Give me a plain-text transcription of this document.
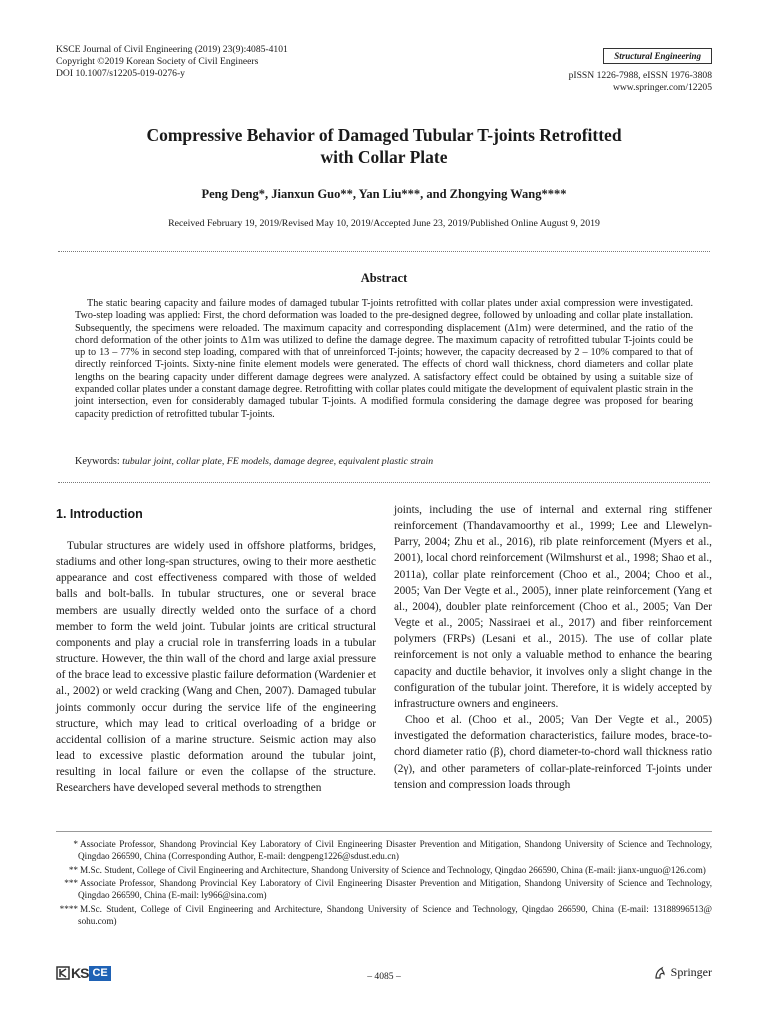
KSCE Journal of Civil Engineering (2019) 23(9):4085-4101
Copyright ©2019 Korean Society of Civil Engineers
DOI 10.1007/s12205-019-0276-y
Structural Engineering
pISSN 1226-7988, eISSN 1976-3808
www.springer.com/12205
Compressive Behavior of Damaged Tubular T-joints Retrofitted
with Collar Plate
Peng Deng*, Jianxun Guo**, Yan Liu***, and Zhongying Wang****
Received February 19, 2019/Revised May 10, 2019/Accepted June 23, 2019/Published Online August 9, 2019
Abstract
The static bearing capacity and failure modes of damaged tubular T-joints retrofitted with collar plates under axial compression were investigated. Two-step loading was applied: First, the chord deformation was loaded to the pre-designed degree, followed by unloading and collar plate installation. Subsequently, the specimens were reloaded. The maximum capacity and corresponding displacement (Δ1m) were determined, and the ratio of the chord deformation of the other joints to Δ1m was utilized to define the damage degree. The maximum capacity of retrofitted tubular T-joints could be up to 13 – 77% in second step loading, compared with that of unreinforced T-joints; however, the capacity decreased by 2 – 10% compared to that of directly reinforced T-joints. Sixty-nine finite element models were generated. The effects of chord wall thickness, chord diameters and collar plate lengths on the bearing capacity under different damage degrees were analyzed. A satisfactory effect could be obtained by using a suitable size of expanded collar plates under a constant damage degree. Retrofitting with collar plates could mitigate the development of equivalent plastic strain in the joint intersection, even for considerably damaged tubular T-joints. A modified formula considering the damage degree was proposed for bearing capacity prediction of retrofitted tubular T-joints.
Keywords: tubular joint, collar plate, FE models, damage degree, equivalent plastic strain
1. Introduction

Tubular structures are widely used in offshore platforms, bridges, stadiums and other long-span structures, owing to their more aesthetic appearance and cost effectiveness compared with those of welded balls and bolt-balls. In tubular structures, one or several brace members are usually directly welded onto the surface of a chord member to form the weld joint. Tubular joints are critical structural components and play a crucial role in transferring loads in a tubular structure. However, the thin wall of the chord and large axial pressure of the brace lead to excessive plastic failure deformation (Wardenier et al., 2002) or weld cracking (Wang and Chen, 2007). Damaged tubular joints commonly occur during the service life of the engineering structure, which may lead to critical overloading of a bridge or accidental collision of a marine structure. Seismic action may also lead to excessive plastic deformation around the tubular joint, resulting in local failure or even the collapse of the structure. Researchers have developed several methods to strengthen

joints, including the use of internal and external ring stiffener reinforcement (Thandavamoorthy et al., 1999; Lee and Llewelyn-Parry, 2004; Zhu et al., 2016), rib plate reinforcement (Myers et al., 2001), local chord reinforcement (Wilmshurst et al., 1998; Shao et al., 2011a), collar plate reinforcement (Choo et al., 2004; Choo et al., 2005; Van Der Vegte et al., 2005), inner plate reinforcement (Yang et al., 2004), doubler plate reinforcement (Choo et al., 2005; Van Der Vegte et al., 2005; Nassiraei et al., 2017) and fiber reinforcement polymers (FRPs) (Lesani et al., 2015). The use of collar plate reinforcement is not only a valuable method to enhance the bearing capacity and ductile behavior, it involves only a slight change in the configuration of the tubular joint. Therefore, it is widely accepted by infrastructure owners and engineers.

Choo et al. (Choo et al., 2005; Van Der Vegte et al., 2005) investigated the deformation characteristics, failure modes, brace-to-chord diameter ratio (β), chord diameter-to-chord wall thickness ratio (2γ), and other parameters of collar-plate-reinforced T-joints under tension and compression loads through

* Associate Professor, Shandong Provincial Key Laboratory of Civil Engineering Disaster Prevention and Mitigation, Shandong University of Science and Technology, Qingdao 266590, China (Corresponding Author, E-mail: dengpeng1226@sdust.edu.cn)

** M.Sc. Student, College of Civil Engineering and Architecture, Shandong University of Science and Technology, Qingdao 266590, China (E-mail: jianx-unguo@126.com)

*** Associate Professor, Shandong Provincial Key Laboratory of Civil Engineering Disaster Prevention and Mitigation, Shandong University of Science and Technology, Qingdao 266590, China (E-mail: ly966@sina.com)

**** M.Sc. Student, College of Civil Engineering and Architecture, Shandong University of Science and Technology, Qingdao 266590, China (E-mail: 13188996513@ sohu.com)

KS CE	– 4085 –	Springer
